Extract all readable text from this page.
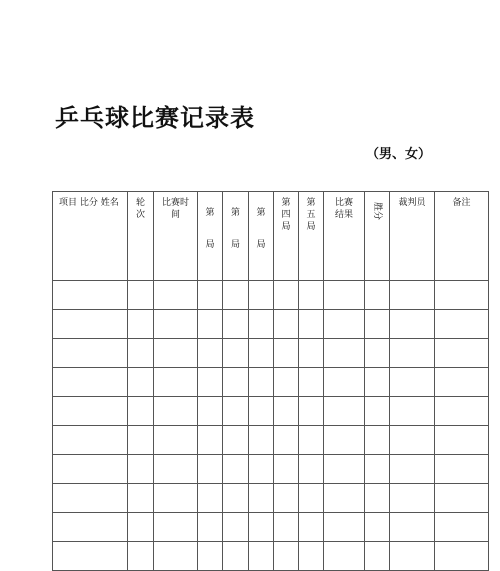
乒乓球比赛记录表
（男、女）
项目 比分 姓名	轮次	比赛时间	第局	第局	第局	第四局	第五局	比赛结果	胜分	裁判员	备注
